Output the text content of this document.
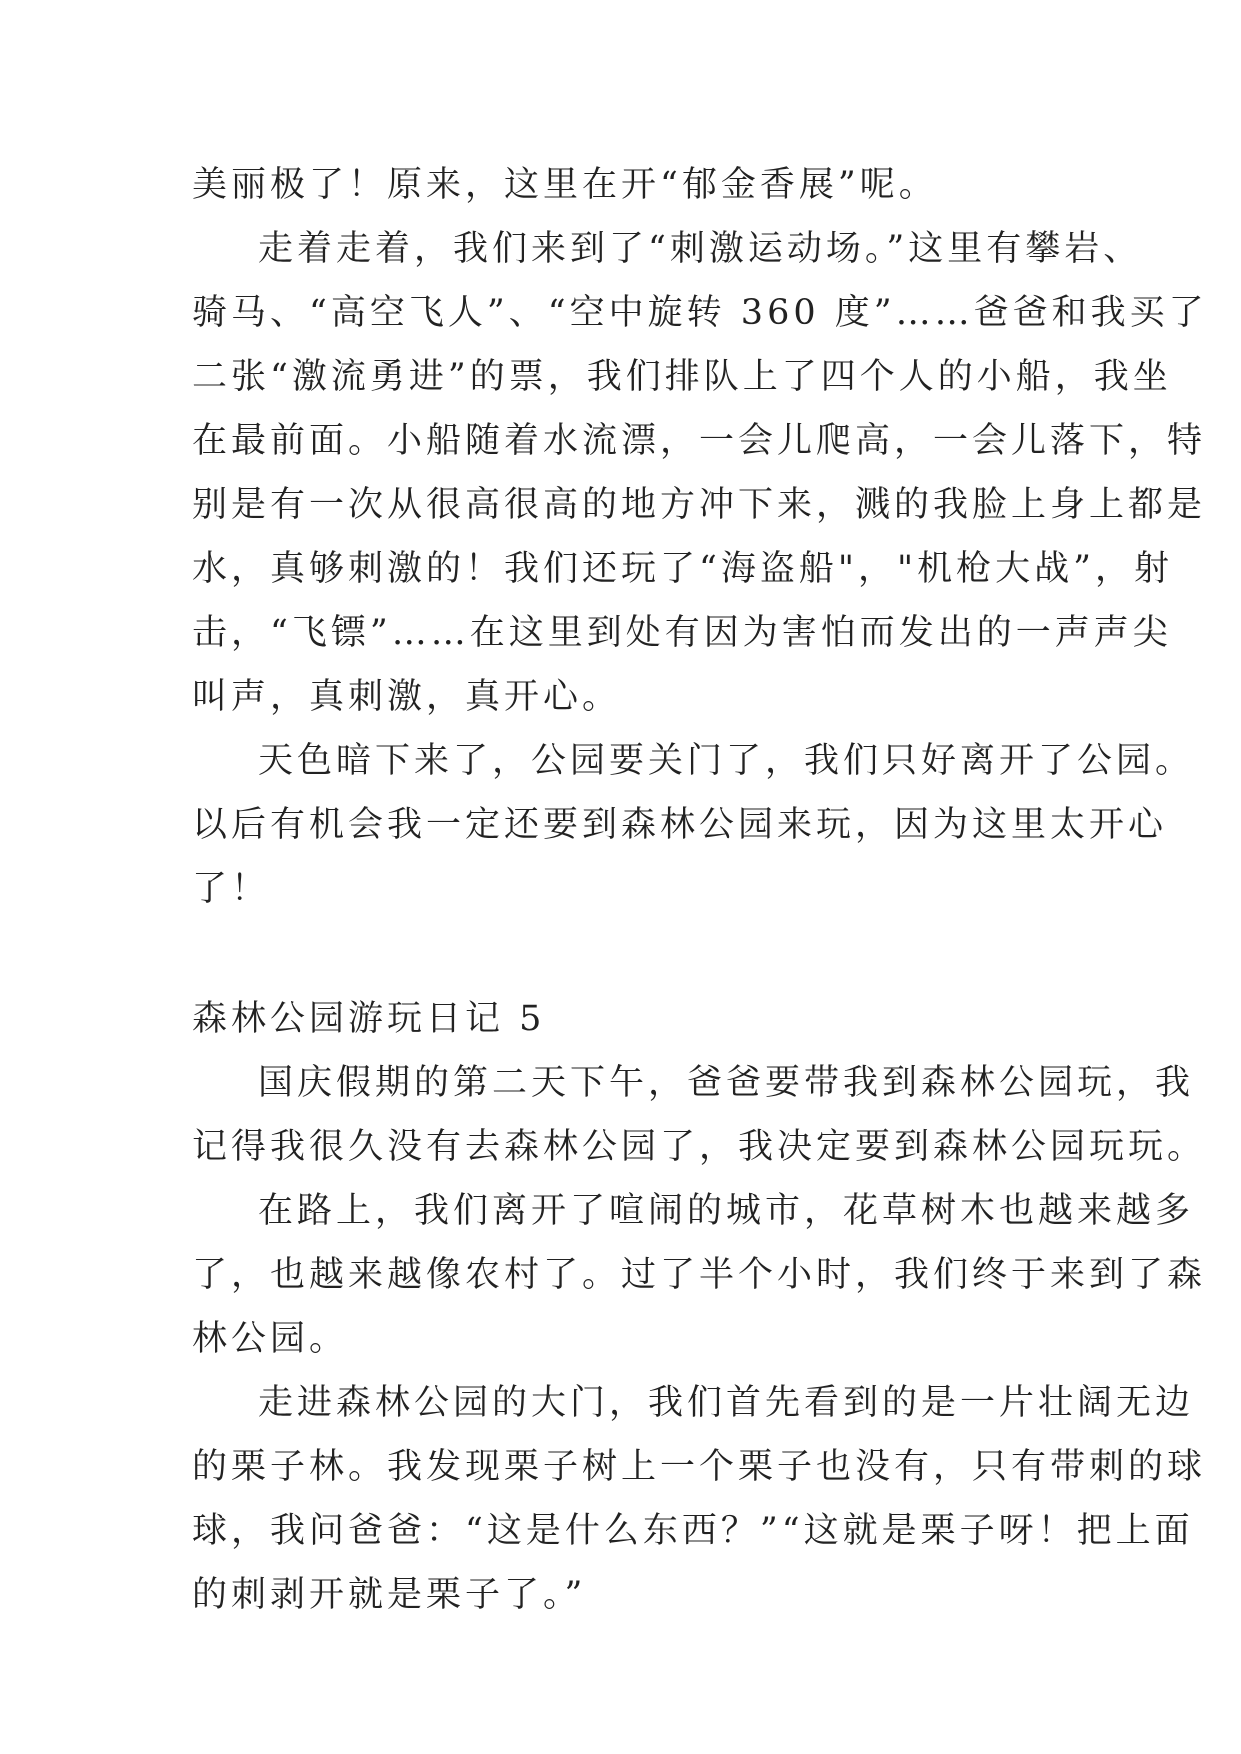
美丽极了！原来，这里在开“郁金香展”呢。
走着走着，我们来到了“刺激运动场。”这里有攀岩、
骑马、“高空飞人”、“空中旋转 360 度”……爸爸和我买了
二张“激流勇进”的票，我们排队上了四个人的小船，我坐
在最前面。小船随着水流漂，一会儿爬高，一会儿落下，特
别是有一次从很高很高的地方冲下来，溅的我脸上身上都是
水，真够刺激的！我们还玩了“海盗船"，"机枪大战”，射
击，“飞镖”……在这里到处有因为害怕而发出的一声声尖
叫声，真刺激，真开心。
天色暗下来了，公园要关门了，我们只好离开了公园。
以后有机会我一定还要到森林公园来玩，因为这里太开心
了！
森林公园游玩日记 5
国庆假期的第二天下午，爸爸要带我到森林公园玩，我
记得我很久没有去森林公园了，我决定要到森林公园玩玩。
在路上，我们离开了喧闹的城市，花草树木也越来越多
了，也越来越像农村了。过了半个小时，我们终于来到了森
林公园。
走进森林公园的大门，我们首先看到的是一片壮阔无边
的栗子林。我发现栗子树上一个栗子也没有，只有带刺的球
球，我问爸爸：“这是什么东西？”“这就是栗子呀！把上面
的刺剥开就是栗子了。”
